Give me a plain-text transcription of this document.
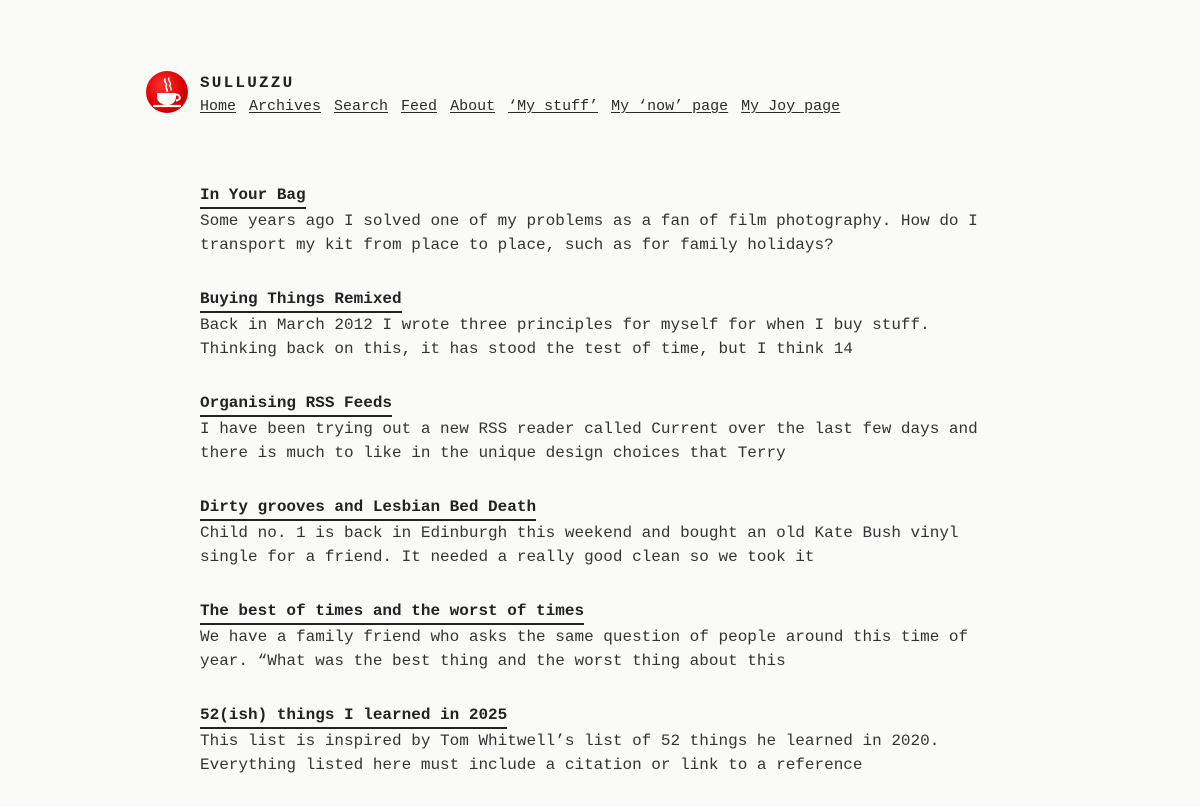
SULLUZZU
Home Archives Search Feed About ‘My stuff’ My ‘now’ page My Joy page
In Your Bag

Some years ago I solved one of my problems as a fan of film photography. How do I transport my kit from place to place, such as for family holidays?

Buying Things Remixed

Back in March 2012 I wrote three principles for myself for when I buy stuff. Thinking back on this, it has stood the test of time, but I think 14

Organising RSS Feeds

I have been trying out a new RSS reader called Current over the last few days and there is much to like in the unique design choices that Terry

Dirty grooves and Lesbian Bed Death

Child no. 1 is back in Edinburgh this weekend and bought an old Kate Bush vinyl single for a friend. It needed a really good clean so we took it

The best of times and the worst of times

We have a family friend who asks the same question of people around this time of year. “What was the best thing and the worst thing about this

52(ish) things I learned in 2025

This list is inspired by Tom Whitwell’s list of 52 things he learned in 2020. Everything listed here must include a citation or link to a reference
